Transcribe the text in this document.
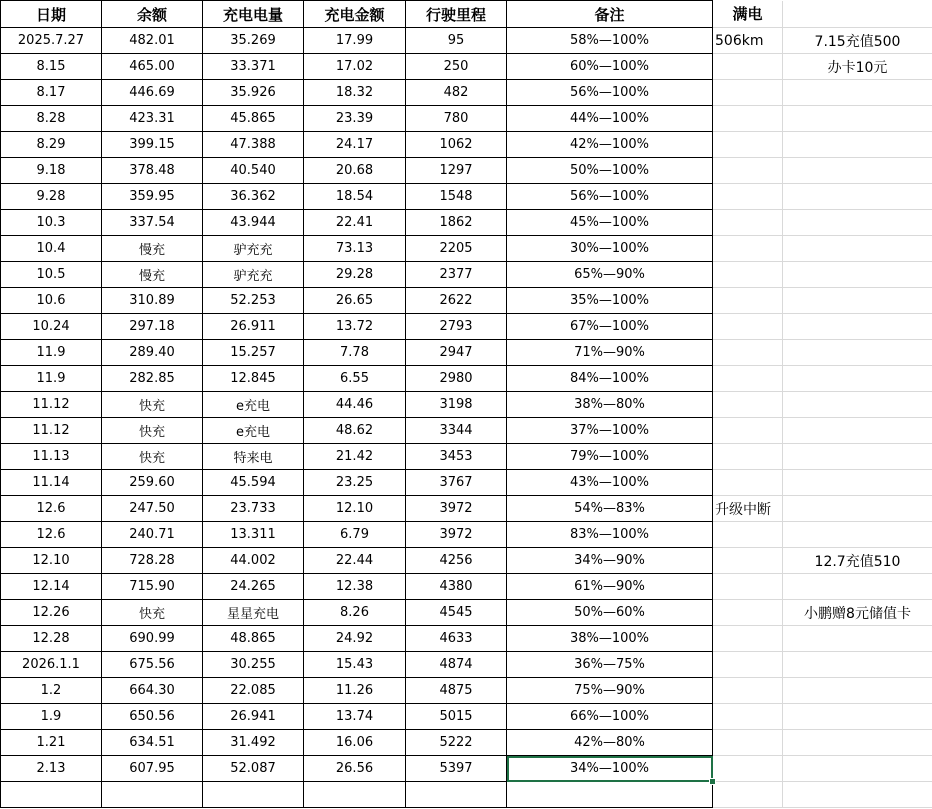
日期	余额	充电电量	充电金额	行驶里程	备注	满电	
2025.7.27	482.01	35.269	17.99	95	58%—100%	506km	7.15充值500
8.15	465.00	33.371	17.02	250	60%—100%		办卡10元
8.17	446.69	35.926	18.32	482	56%—100%		
8.28	423.31	45.865	23.39	780	44%—100%		
8.29	399.15	47.388	24.17	1062	42%—100%		
9.18	378.48	40.540	20.68	1297	50%—100%		
9.28	359.95	36.362	18.54	1548	56%—100%		
10.3	337.54	43.944	22.41	1862	45%—100%		
10.4	慢充	驴充充	73.13	2205	30%—100%		
10.5	慢充	驴充充	29.28	2377	65%—90%		
10.6	310.89	52.253	26.65	2622	35%—100%		
10.24	297.18	26.911	13.72	2793	67%—100%		
11.9	289.40	15.257	7.78	2947	71%—90%		
11.9	282.85	12.845	6.55	2980	84%—100%		
11.12	快充	e充电	44.46	3198	38%—80%		
11.12	快充	e充电	48.62	3344	37%—100%		
11.13	快充	特来电	21.42	3453	79%—100%		
11.14	259.60	45.594	23.25	3767	43%—100%		
12.6	247.50	23.733	12.10	3972	54%—83%	升级中断	
12.6	240.71	13.311	6.79	3972	83%—100%		
12.10	728.28	44.002	22.44	4256	34%—90%		12.7充值510
12.14	715.90	24.265	12.38	4380	61%—90%		
12.26	快充	星星充电	8.26	4545	50%—60%		小鹏赠8元储值卡
12.28	690.99	48.865	24.92	4633	38%—100%		
2026.1.1	675.56	30.255	15.43	4874	36%—75%		
1.2	664.30	22.085	11.26	4875	75%—90%		
1.9	650.56	26.941	13.74	5015	66%—100%		
1.21	634.51	31.492	16.06	5222	42%—80%		
2.13	607.95	52.087	26.56	5397	34%—100%		
